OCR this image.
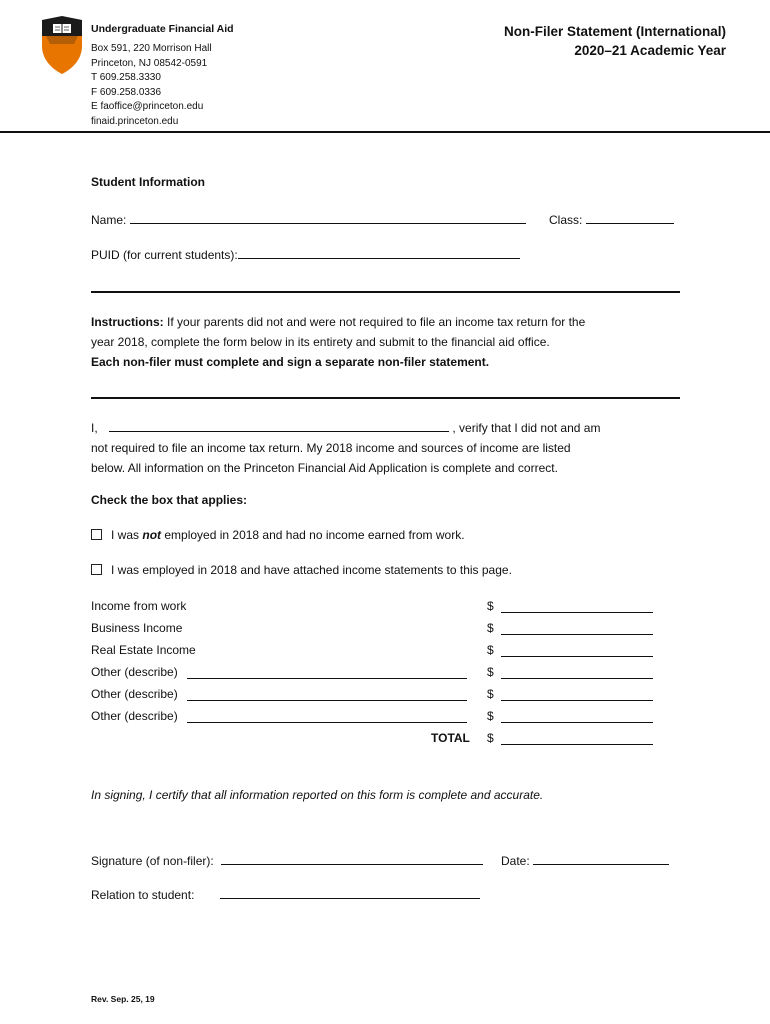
Undergraduate Financial Aid
Box 591, 220 Morrison Hall
Princeton, NJ 08542-0591
T 609.258.3330
F 609.258.0336
E faoffice@princeton.edu
finaid.princeton.edu
Non-Filer Statement (International)
2020–21 Academic Year
Student Information
Name:	Class:
PUID (for current students):
Instructions: If your parents did not and were not required to file an income tax return for the
year 2018, complete the form below in its entirety and submit to the financial aid office.
Each non-filer must complete and sign a separate non-filer statement.
I,	, verify that I did not and am
not required to file an income tax return. My 2018 income and sources of income are listed
below. All information on the Princeton Financial Aid Application is complete and correct.
Check the box that applies:
I was not employed in 2018 and had no income earned from work.
I was employed in 2018 and have attached income statements to this page.
Income from work	$
Business Income	$
Real Estate Income	$
Other (describe)	$
Other (describe)	$
Other (describe)	$
TOTAL $
In signing, I certify that all information reported on this form is complete and accurate.
Signature (of non-filer):	Date:
Relation to student:
Rev. Sep. 25, 19
